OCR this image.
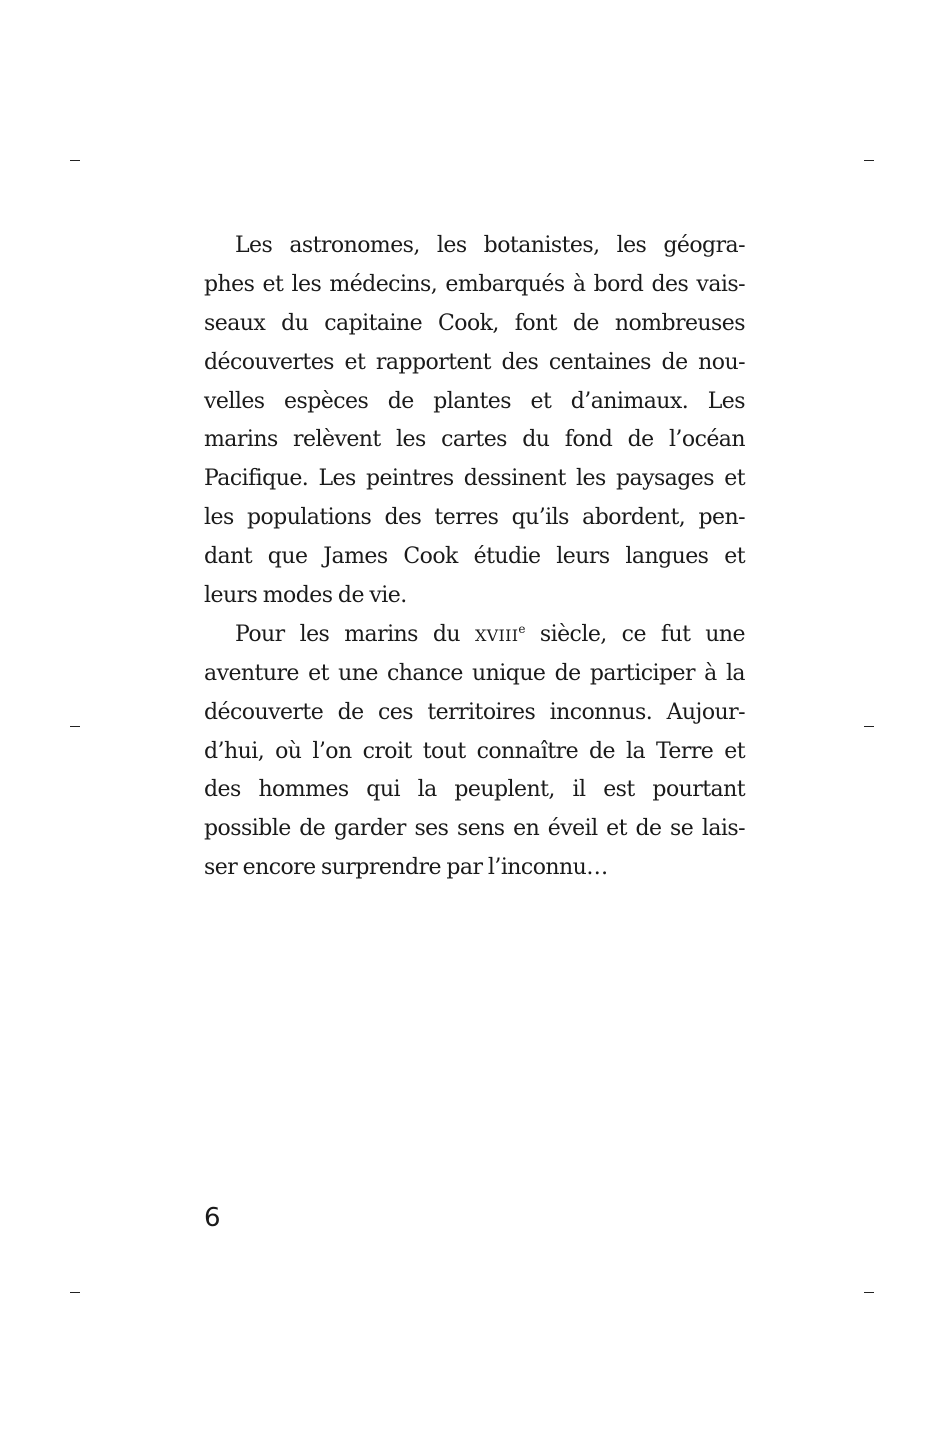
Les astronomes, les botanistes, les géogra-
phes et les médecins, embarqués à bord des vais-
seaux du capitaine Cook, font de nombreuses
découvertes et rapportent des centaines de nou-
velles espèces de plantes et d’animaux. Les
marins relèvent les cartes du fond de l’océan
Pacifique. Les peintres dessinent les paysages et
les populations des terres qu’ils abordent, pen-
dant que James Cook étudie leurs langues et
leurs modes de vie.
Pour les marins du XVIIIe siècle, ce fut une
aventure et une chance unique de participer à la
découverte de ces territoires inconnus. Aujour-
d’hui, où l’on croit tout connaître de la Terre et
des hommes qui la peuplent, il est pourtant
possible de garder ses sens en éveil et de se lais-
ser encore surprendre par l’inconnu…
6
